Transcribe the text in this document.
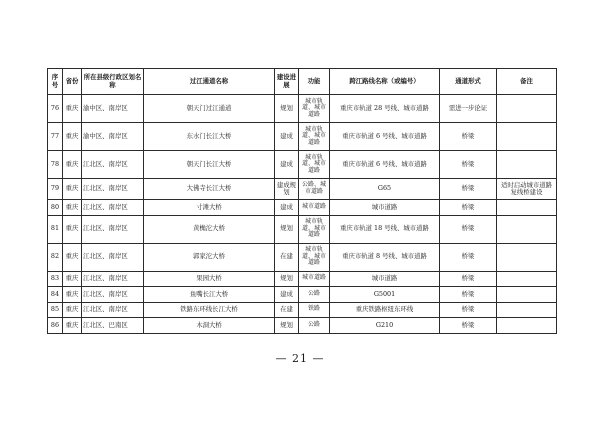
序号	省份	所在县级行政区划名称	过江通道名称	建设进展	功能	跨江路线名称（或编号）	通道形式	备注
76	重庆	渝中区、南岸区	朝天门过江通道	规划	城市轨道、城市道路	重庆市轨道 28 号线、城市道路	需进一步论证	
77	重庆	渝中区、南岸区	东水门长江大桥	建成	城市轨道、城市道路	重庆市轨道 6 号线、城市道路	桥梁	
78	重庆	江北区、南岸区	朝天门长江大桥	建成	城市轨道、城市道路	重庆市轨道 6 号线、城市道路	桥梁	
79	重庆	江北区、南岸区	大佛寺长江大桥	建成规划	公路、城市道路	G65	桥梁	适时启动城市道路复线桥建设
80	重庆	江北区、南岸区	寸滩大桥	建成	城市道路	城市道路	桥梁	
81	重庆	江北区、南岸区	黄桷沱大桥	规划	城市轨道、城市道路	重庆市轨道 18 号线、城市道路	桥梁	
82	重庆	江北区、南岸区	郭家沱大桥	在建	城市轨道、城市道路	重庆市轨道 8 号线、城市道路	桥梁	
83	重庆	江北区、南岸区	果园大桥	规划	城市道路	城市道路	桥梁	
84	重庆	江北区、南岸区	鱼嘴长江大桥	建成	公路	G5001	桥梁	
85	重庆	江北区、南岸区	铁路东环线长江大桥	在建	铁路	重庆铁路枢纽东环线	桥梁	
86	重庆	江北区、巴南区	木洞大桥	规划	公路	G210	桥梁	
— 21 —
